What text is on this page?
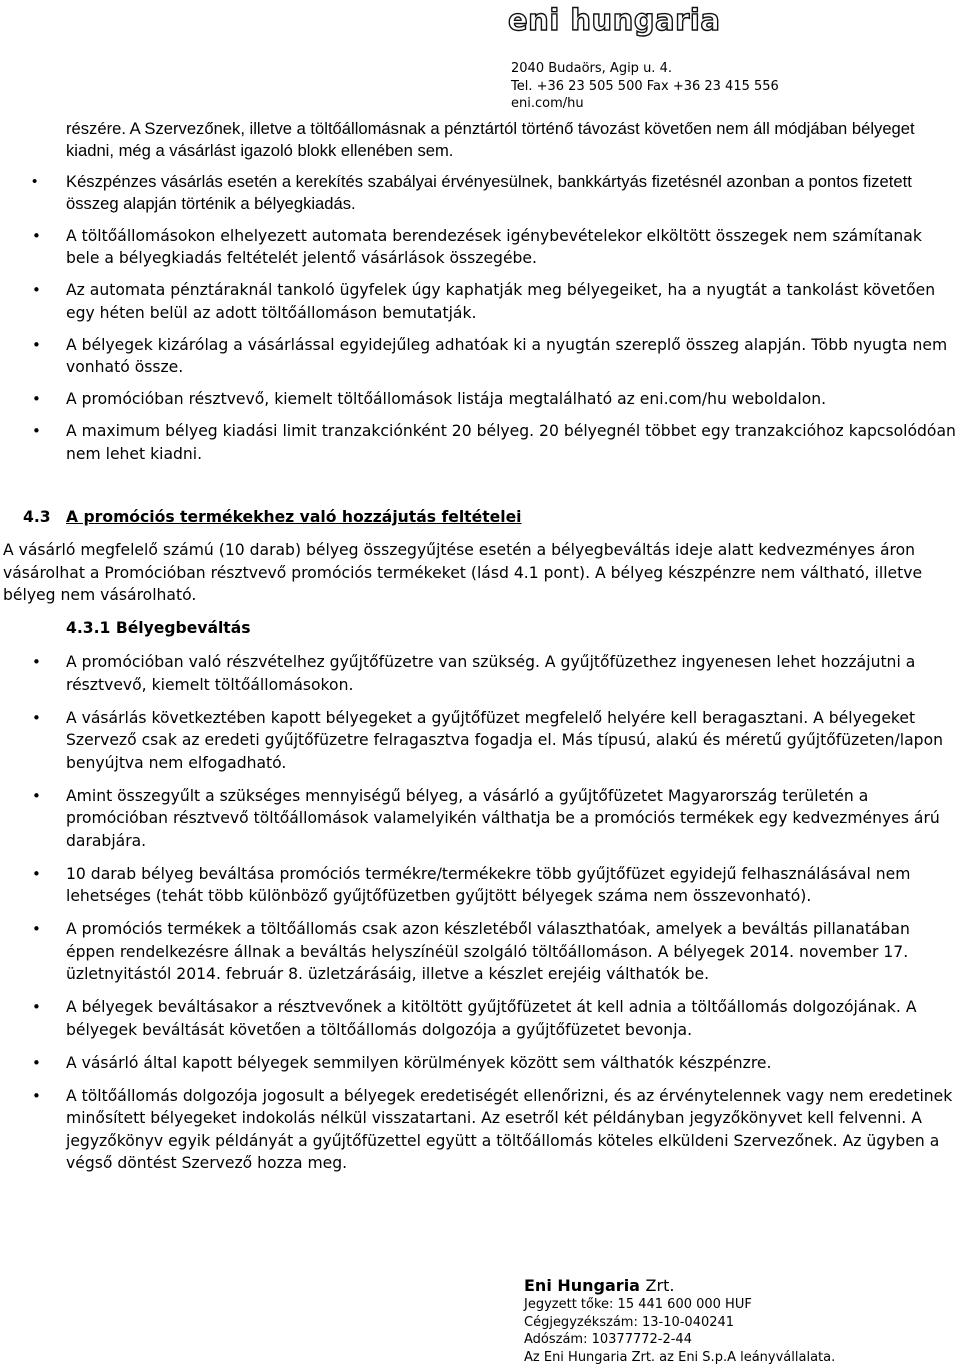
eni hungaria
2040 Budaörs, Agip u. 4.
Tel. +36 23 505 500 Fax +36 23 415 556
eni.com/hu

részére. A Szervezőnek, illetve a töltőállomásnak a pénztártól történő távozást követően nem áll módjában bélyeget kiadni, még a vásárlást igazoló blokk ellenében sem.

• Készpénzes vásárlás esetén a kerekítés szabályai érvényesülnek, bankkártyás fizetésnél azonban a pontos fizetett összeg alapján történik a bélyegkiadás.
• A töltőállomásokon elhelyezett automata berendezések igénybevételekor elköltött összegek nem számítanak bele a bélyegkiadás feltételét jelentő vásárlások összegébe.
• Az automata pénztáraknál tankoló ügyfelek úgy kaphatják meg bélyegeiket, ha a nyugtát a tankolást követően egy héten belül az adott töltőállomáson bemutatják.
• A bélyegek kizárólag a vásárlással egyidejűleg adhatóak ki a nyugtán szereplő összeg alapján. Több nyugta nem vonható össze.
• A promócióban résztvevő, kiemelt töltőállomások listája megtalálható az eni.com/hu weboldalon.
• A maximum bélyeg kiadási limit tranzakciónként 20 bélyeg. 20 bélyegnél többet egy tranzakcióhoz kapcsolódóan nem lehet kiadni.
4.3 A promóciós termékekhez való hozzájutás feltételei

A vásárló megfelelő számú (10 darab) bélyeg összegyűjtése esetén a bélyegbeváltás ideje alatt kedvezményes áron vásárolhat a Promócióban résztvevő promóciós termékeket (lásd 4.1 pont). A bélyeg készpénzre nem váltható, illetve bélyeg nem vásárolható.

4.3.1 Bélyegbeváltás
• A promócióban való részvételhez gyűjtőfüzetre van szükség. A gyűjtőfüzethez ingyenesen lehet hozzájutni a résztvevő, kiemelt töltőállomásokon.
• A vásárlás következtében kapott bélyegeket a gyűjtőfüzet megfelelő helyére kell beragasztani. A bélyegeket Szervező csak az eredeti gyűjtőfüzetre felragasztva fogadja el. Más típusú, alakú és méretű gyűjtőfüzeten/lapon benyújtva nem elfogadható.
• Amint összegyűlt a szükséges mennyiségű bélyeg, a vásárló a gyűjtőfüzetet Magyarország területén a promócióban résztvevő töltőállomások valamelyikén válthatja be a promóciós termékek egy kedvezményes árú darabjára.
• 10 darab bélyeg beváltása promóciós termékre/termékekre több gyűjtőfüzet egyidejű felhasználásával nem lehetséges (tehát több különböző gyűjtőfüzetben gyűjtött bélyegek száma nem összevonható).
• A promóciós termékek a töltőállomás csak azon készletéből választhatóak, amelyek a beváltás pillanatában éppen rendelkezésre állnak a beváltás helyszínéül szolgáló töltőállomáson. A bélyegek 2014. november 17. üzletnyitástól 2014. február 8. üzletzárásáig, illetve a készlet erejéig válthatók be.
• A bélyegek beváltásakor a résztvevőnek a kitöltött gyűjtőfüzetet át kell adnia a töltőállomás dolgozójának. A bélyegek beváltását követően a töltőállomás dolgozója a gyűjtőfüzetet bevonja.
• A vásárló által kapott bélyegek semmilyen körülmények között sem válthatók készpénzre.
• A töltőállomás dolgozója jogosult a bélyegek eredetiségét ellenőrizni, és az érvénytelennek vagy nem eredetinek minősített bélyegeket indokolás nélkül visszatartani. Az esetről két példányban jegyzőkönyvet kell felvenni. A jegyzőkönyv egyik példányát a gyűjtőfüzettel együtt a töltőállomás köteles elküldeni Szervezőnek. Az ügyben a végső döntést Szervező hozza meg.
Eni Hungaria Zrt.
Jegyzett tőke: 15 441 600 000 HUF
Cégjegyzékszám: 13-10-040241
Adószám: 10377772-2-44
Az Eni Hungaria Zrt. az Eni S.p.A leányvállalata.
